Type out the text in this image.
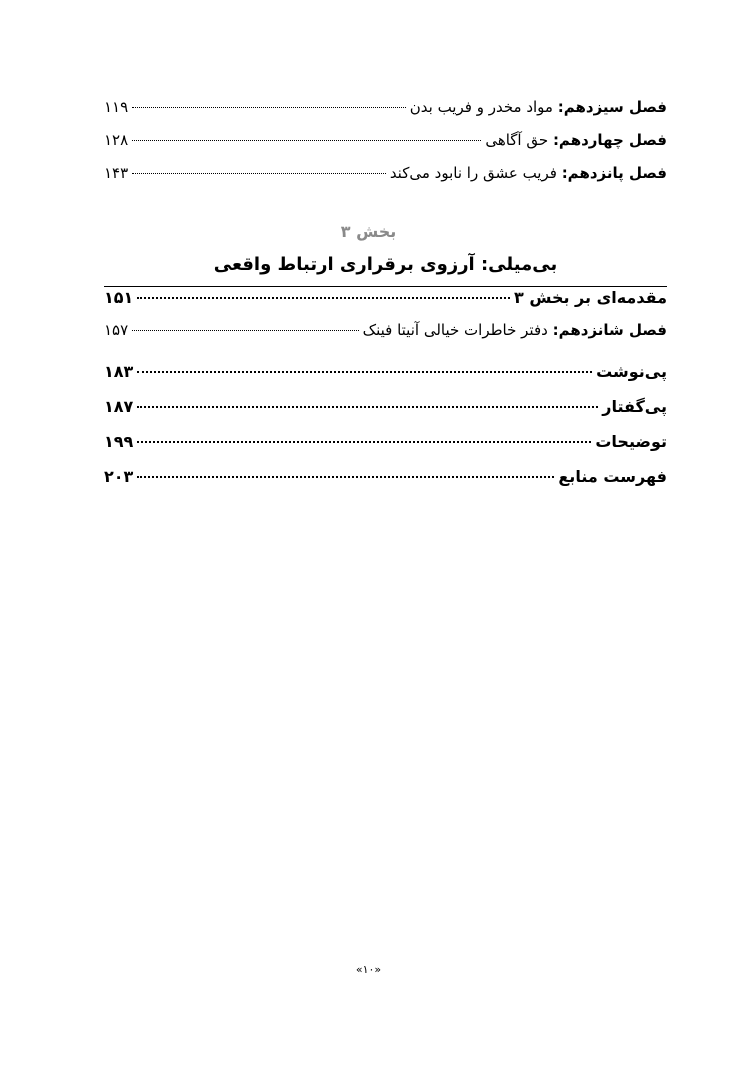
فصل سیزدهم: مواد مخدر و فریب بدن
۱۱۹
فصل چهاردهم: حق آگاهی
۱۲۸
فصل پانزدهم: فریب عشق را نابود می‌کند
۱۴۳
بخش ۳
بی‌میلی: آرزوی برقراری ارتباط واقعی
مقدمه‌ای بر بخش ۳
۱۵۱
فصل شانزدهم: دفتر خاطرات خیالی آنیتا فینک
۱۵۷
پی‌نوشت
۱۸۳
پی‌گفتار
۱۸۷
توضیحات
۱۹۹
فهرست منابع
۲۰۳
«۱۰»
